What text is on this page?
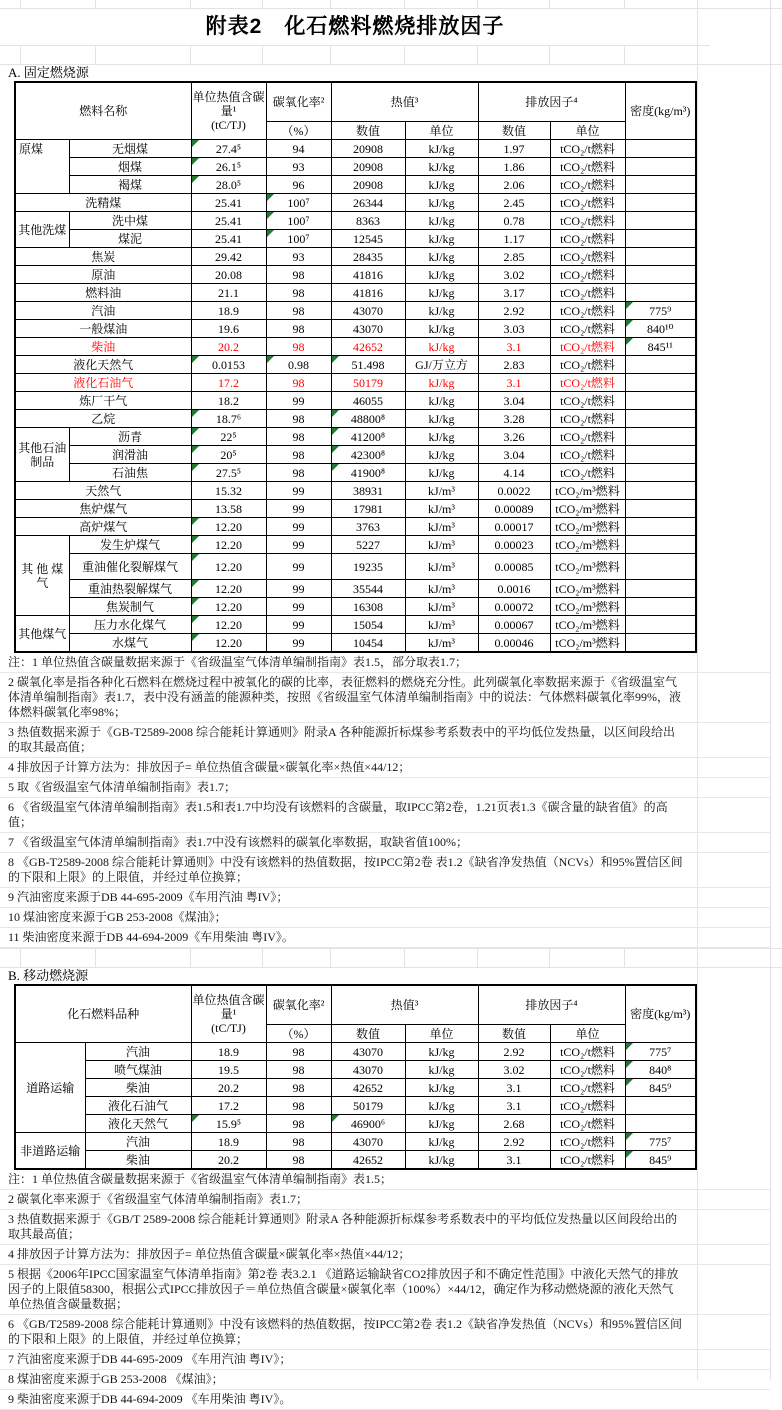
附表2　化石燃料燃烧排放因子
A. 固定燃烧源
燃料名称		单位热值含碳量¹
(tC/TJ)	碳氧化率²	热值³		排放因子⁴		密度(kg/m³)
			（%）	数值	单位	数值	单位	
原煤	无烟煤	27.4⁵	94	20908	kJ/kg	1.97	tCO₂/t燃料	
	烟煤	26.1⁵	93	20908	kJ/kg	1.86	tCO₂/t燃料	
	褐煤	28.0⁵	96	20908	kJ/kg	2.06	tCO₂/t燃料	
洗精煤		25.41	100⁷	26344	kJ/kg	2.45	tCO₂/t燃料	
其他洗煤	洗中煤	25.41	100⁷	8363	kJ/kg	0.78	tCO₂/t燃料	
	煤泥	25.41	100⁷	12545	kJ/kg	1.17	tCO₂/t燃料	
焦炭		29.42	93	28435	kJ/kg	2.85	tCO₂/t燃料	
原油		20.08	98	41816	kJ/kg	3.02	tCO₂/t燃料	
燃料油		21.1	98	41816	kJ/kg	3.17	tCO₂/t燃料	
汽油		18.9	98	43070	kJ/kg	2.92	tCO₂/t燃料	775⁹

一般煤油		19.6	98	43070	kJ/kg	3.03	tCO₂/t燃料	840¹⁰

柴油		20.2	98	42652	kJ/kg	3.1	tCO₂/t燃料	845¹¹

液化天然气		0.0153	0.98	51.498	GJ/万立方	2.83	tCO₂/t燃料	
液化石油气		17.2	98	50179	kJ/kg	3.1	tCO₂/t燃料	
炼厂干气		18.2	99	46055	kJ/kg	3.04	tCO₂/t燃料	
乙烷		18.7⁶	98	48800⁸	kJ/kg	3.28	tCO₂/t燃料	
其他石油制品	沥青	22⁵	98	41200⁸	kJ/kg	3.26	tCO₂/t燃料	
	润滑油	20⁵	98	42300⁸	kJ/kg	3.04	tCO₂/t燃料	
	石油焦	27.5⁵	98	41900⁸	kJ/kg	4.14	tCO₂/t燃料	
天然气		15.32	99	38931	kJ/m³	0.0022	tCO₂/m³燃料	
焦炉煤气		13.58	99	17981	kJ/m³	0.00089	tCO₂/m³燃料	
高炉煤气		12.20	99	3763	kJ/m³	0.00017	tCO₂/m³燃料	
其 他 煤 气	发生炉煤气	12.20	99	5227	kJ/m³	0.00023	tCO₂/m³燃料	
	重油催化裂解煤气	12.20	99	19235	kJ/m³	0.00085	tCO₂/m³燃料	
	重油热裂解煤气	12.20	99	35544	kJ/m³	0.0016	tCO₂/m³燃料	
	焦炭制气	12.20	99	16308	kJ/m³	0.00072	tCO₂/m³燃料	
其他煤气	压力水化煤气	12.20	99	15054	kJ/m³	0.00067	tCO₂/m³燃料	
	水煤气	12.20	99	10454	kJ/m³	0.00046	tCO₂/m³燃料	
注：1 单位热值含碳量数据来源于《省级温室气体清单编制指南》表1.5，部分取表1.7；
2 碳氧化率是指各种化石燃料在燃烧过程中被氧化的碳的比率，表征燃料的燃烧充分性。此列碳氧化率数据来源于《省级温室气体清单编制指南》表1.7，表中没有涵盖的能源种类，按照《省级温室气体清单编制指南》中的说法：气体燃料碳氧化率99%，液体燃料碳氧化率98%；
3 热值数据来源于《GB-T2589-2008 综合能耗计算通则》附录A 各种能源折标煤参考系数表中的平均低位发热量，以区间段给出的取其最高值；
4 排放因子计算方法为：排放因子= 单位热值含碳量×碳氧化率×热值×44/12；
5 取《省级温室气体清单编制指南》表1.7；
6 《省级温室气体清单编制指南》表1.5和表1.7中均没有该燃料的含碳量，取IPCC第2卷，1.21页表1.3《碳含量的缺省值》的高值；
7 《省级温室气体清单编制指南》表1.7中没有该燃料的碳氧化率数据，取缺省值100%；
8 《GB-T2589-2008 综合能耗计算通则》中没有该燃料的热值数据，按IPCC第2卷 表1.2《缺省净发热值（NCVs）和95%置信区间的下限和上限》的上限值，并经过单位换算；
9 汽油密度来源于DB 44-695-2009《车用汽油 粤IV》；
10 煤油密度来源于GB 253-2008《煤油》；
11 柴油密度来源于DB 44-694-2009《车用柴油 粤IV》。
B. 移动燃烧源
化石燃料品种		单位热值含碳量¹
(tC/TJ)	碳氧化率²	热值³		排放因子⁴		密度(kg/m³)
			（%）	数值	单位	数值	单位	
道路运输	汽油	18.9	98	43070	kJ/kg	2.92	tCO₂/t燃料	775⁷

	喷气煤油	19.5	98	43070	kJ/kg	3.02	tCO₂/t燃料	840⁸

	柴油	20.2	98	42652	kJ/kg	3.1	tCO₂/t燃料	845⁹

	液化石油气	17.2	98	50179	kJ/kg	3.1	tCO₂/t燃料	
	液化天然气	15.9⁵	98	46900⁶	kJ/kg	2.68	tCO₂/t燃料	
非道路运输	汽油	18.9	98	43070	kJ/kg	2.92	tCO₂/t燃料	775⁷

	柴油	20.2	98	42652	kJ/kg	3.1	tCO₂/t燃料	845⁹
注：1 单位热值含碳量数据来源于《省级温室气体清单编制指南》表1.5；
2 碳氧化率来源于《省级温室气体清单编制指南》表1.7；
3 热值数据来源于《GB/T 2589-2008 综合能耗计算通则》附录A 各种能源折标煤参考系数表中的平均低位发热量以区间段给出的取其最高值；
4 排放因子计算方法为：排放因子= 单位热值含碳量×碳氧化率×热值×44/12；
5 根据《2006年IPCC国家温室气体清单指南》第2卷 表3.2.1 《道路运输缺省CO2排放因子和不确定性范围》中液化天然气的排放因子的上限值58300，根据公式IPCC排放因子＝单位热值含碳量×碳氧化率（100%）×44/12，确定作为移动燃烧源的液化天然气单位热值含碳量数据；
6 《GB/T2589-2008 综合能耗计算通则》中没有该燃料的热值数据，按IPCC第2卷 表1.2《缺省净发热值（NCVs）和95%置信区间的下限和上限》的上限值，并经过单位换算；
7 汽油密度来源于DB 44-695-2009 《车用汽油 粤IV》；
8 煤油密度来源于GB 253-2008 《煤油》；
9 柴油密度来源于DB 44-694-2009 《车用柴油 粤IV》。
